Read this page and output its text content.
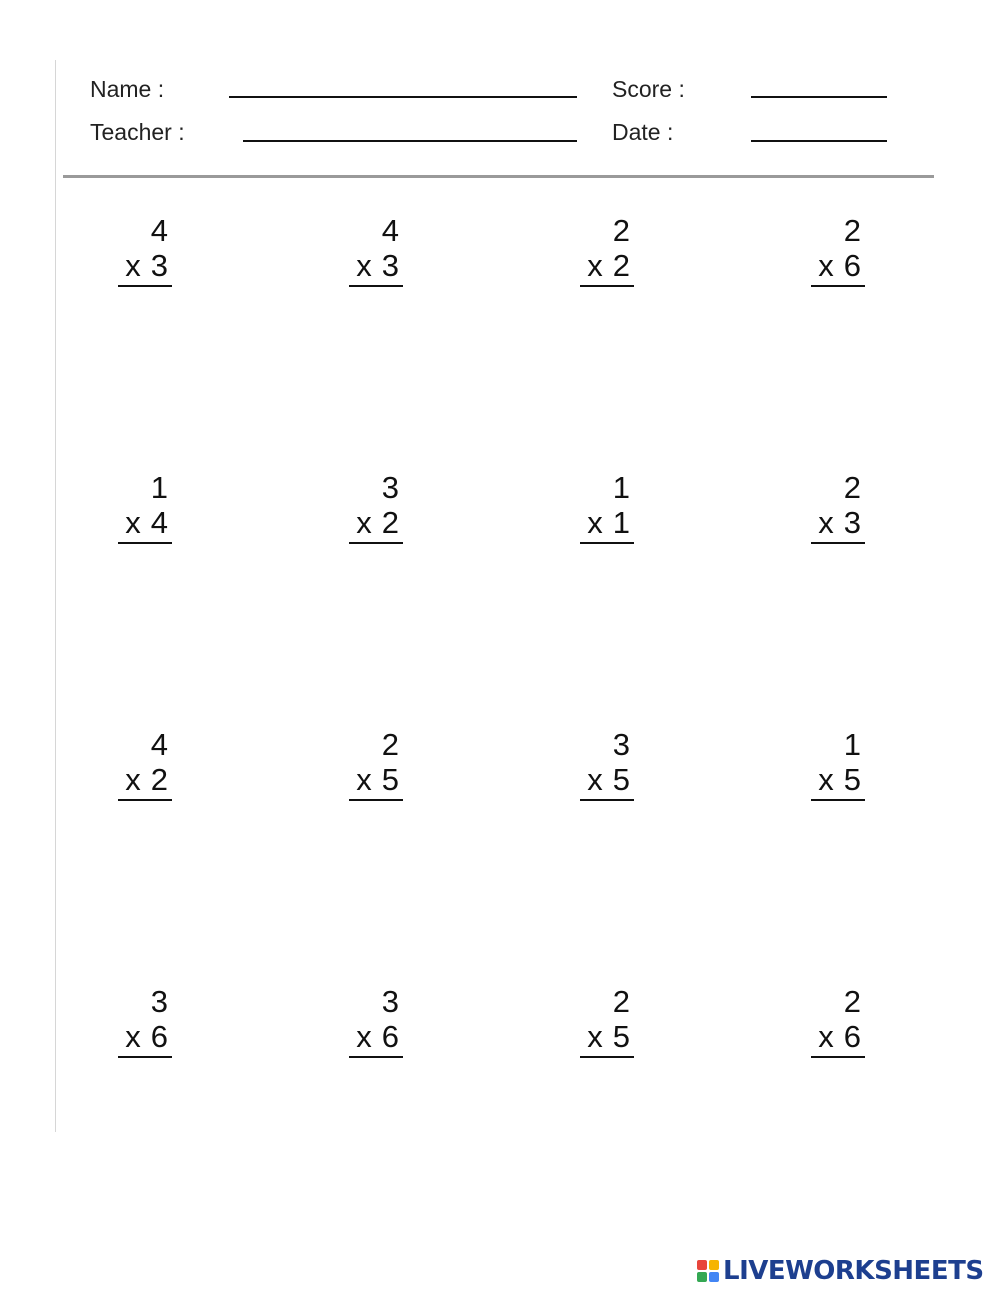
Name :	Score :
Teacher :	Date :
4
x 3
4
x 3
2
x 2
2
x 6
1
x 4
3
x 2
1
x 1
2
x 3
4
x 2
2
x 5
3
x 5
1
x 5
3
x 6
3
x 6
2
x 5
2
x 6
LIVEWORKSHEETS
